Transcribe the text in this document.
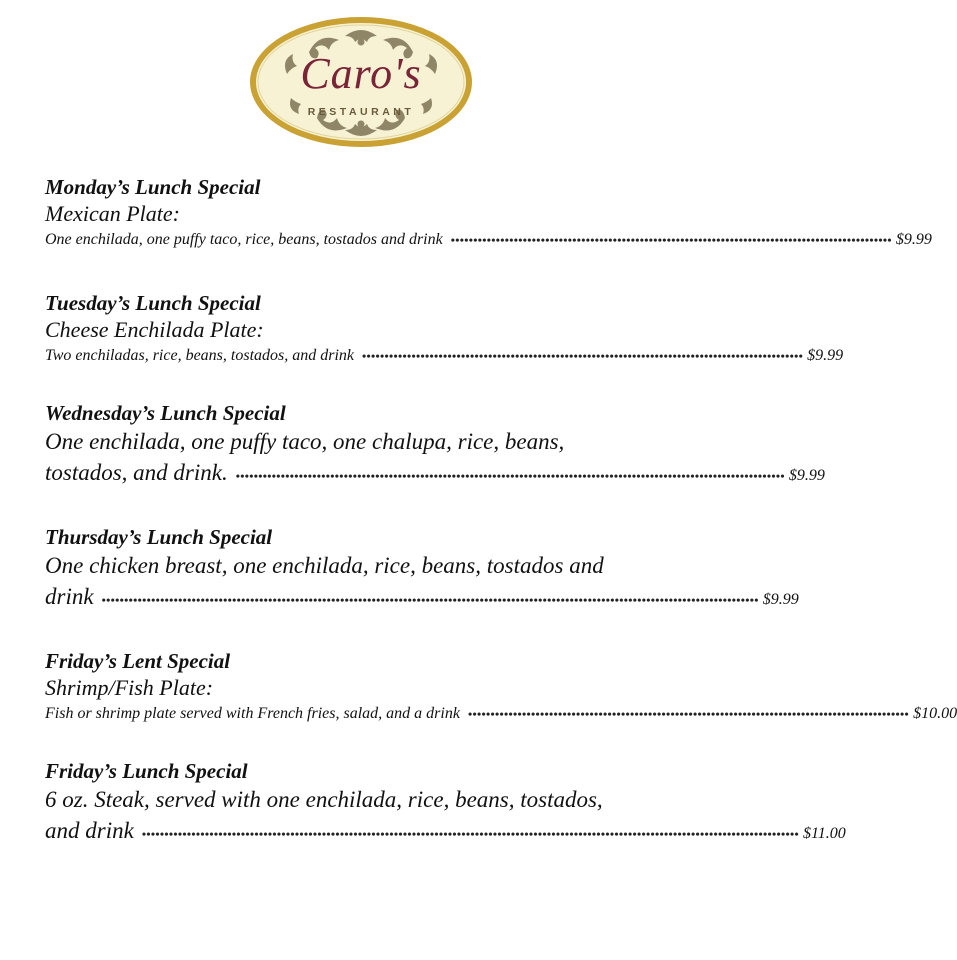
Caro's
RESTAURANT
Monday’s Lunch Special
Mexican Plate:
One enchilada, one puffy taco, rice, beans, tostados and drink •••••••••••••••••••••••••••••••••••••••••••••••••••••••••••••••••••••••••••••••••••••••••••••••••• $9.99
Tuesday’s Lunch Special
Cheese Enchilada Plate:
Two enchiladas, rice, beans, tostados, and drink •••••••••••••••••••••••••••••••••••••••••••••••••••••••••••••••••••••••••••••••••••••••••••••••••• $9.99
Wednesday’s Lunch Special
One enchilada, one puffy taco, one chalupa, rice, beans,
tostados, and drink. •••••••••••••••••••••••••••••••••••••••••••••••••••••••••••••••••••••••••••••••••••••••••••••••••••••••••••••••••••••••••• $9.99
Thursday’s Lunch Special
One chicken breast, one enchilada, rice, beans, tostados and
drink •••••••••••••••••••••••••••••••••••••••••••••••••••••••••••••••••••••••••••••••••••••••••••••••••••••••••••••••••••••••••••••••••••••••••••••••••• $9.99
Friday’s Lent Special
Shrimp/Fish Plate:
Fish or shrimp plate served with French fries, salad, and a drink •••••••••••••••••••••••••••••••••••••••••••••••••••••••••••••••••••••••••••••••••••••••••••••••••• $10.00
Friday’s Lunch Special
6 oz. Steak, served with one enchilada, rice, beans, tostados,
and drink •••••••••••••••••••••••••••••••••••••••••••••••••••••••••••••••••••••••••••••••••••••••••••••••••••••••••••••••••••••••••••••••••••••••••••••••••• $11.00
